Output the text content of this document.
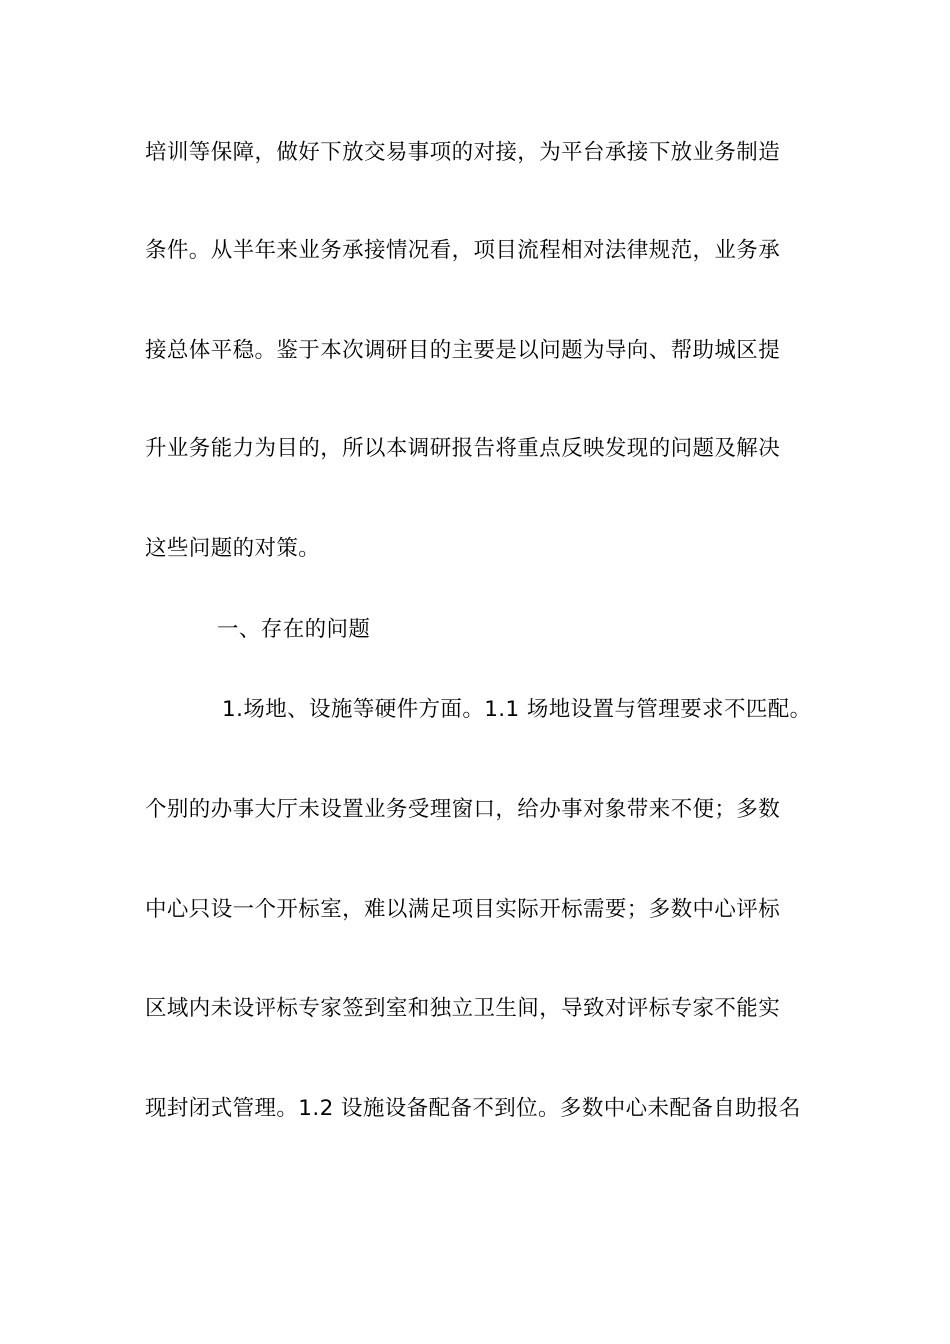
培训等保障，做好下放交易事项的对接，为平台承接下放业务制造
条件。从半年来业务承接情况看，项目流程相对法律规范，业务承
接总体平稳。鉴于本次调研目的主要是以问题为导向、帮助城区提
升业务能力为目的，所以本调研报告将重点反映发现的问题及解决
这些问题的对策。
一、存在的问题
1.场地、设施等硬件方面。1.1 场地设置与管理要求不匹配。
个别的办事大厅未设置业务受理窗口，给办事对象带来不便；多数
中心只设一个开标室，难以满足项目实际开标需要；多数中心评标
区域内未设评标专家签到室和独立卫生间，导致对评标专家不能实
现封闭式管理。1.2 设施设备配备不到位。多数中心未配备自助报名
